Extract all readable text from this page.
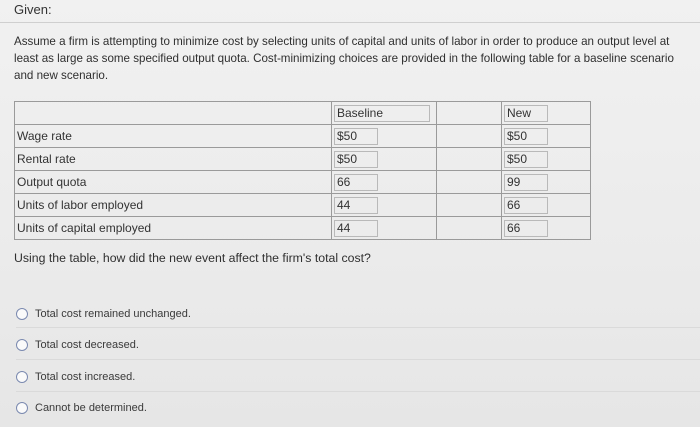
Given:
Assume a firm is attempting to minimize cost by selecting units of capital and units of labor in order to produce an output level at
least as large as some specified output quota. Cost-minimizing choices are provided in the following table for a baseline scenario
and new scenario.
	Baseline		New
Wage rate	$50		$50
Rental rate	$50		$50
Output quota	66		99
Units of labor employed	44		66
Units of capital employed	44		66
Using the table, how did the new event affect the firm's total cost?
Total cost remained unchanged.
Total cost decreased.
Total cost increased.
Cannot be determined.
